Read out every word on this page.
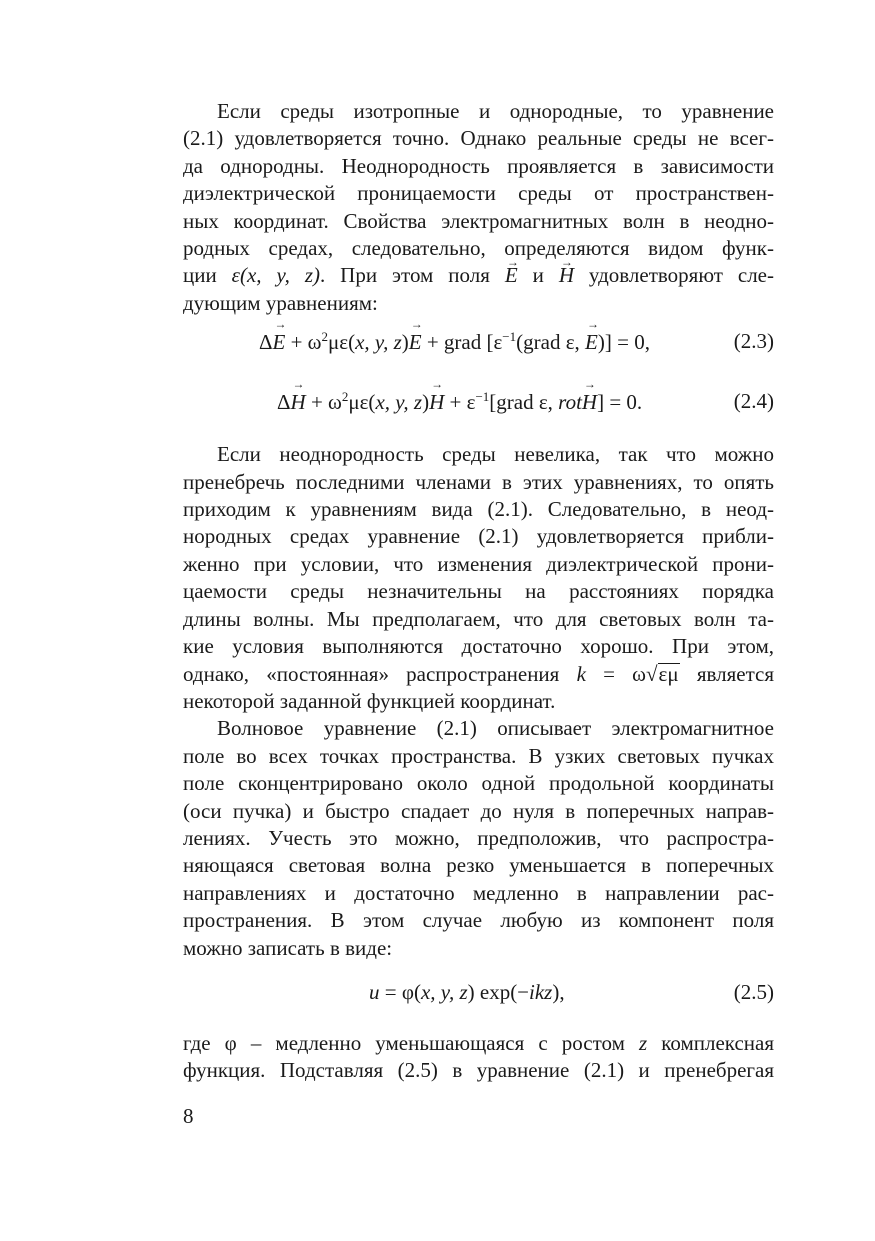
Если среды изотропные и однородные, то уравнение
(2.1) удовлетворяется точно. Однако реальные среды не всег-
да однородны. Неоднородность проявляется в зависимости
диэлектрической проницаемости среды от пространствен-
ных координат. Свойства электромагнитных волн в неодно-
родных средах, следовательно, определяются видом функ-
ции ε(x, y, z). При этом поля → E и → H удовлетворяют сле-
дующим уравнениям:

$\Delta\to E + \omega^2\mu\varepsilon(x$, y, z)→ E + grad [$\varepsilon^{-1}(grad$ ε, → E)] = 0,	(2.3)
$\Delta\to H + \omega^2\mu\varepsilon(x$, y, $z)\to H + \varepsilon^{-1}[grad$ ε, rot→ H] = 0.	(2.4)

Если неоднородность среды невелика, так что можно
пренебречь последними членами в этих уравнениях, то опять
приходим к уравнениям вида (2.1). Следовательно, в неод-
нородных средах уравнение (2.1) удовлетворяется прибли-
женно при условии, что изменения диэлектрической прони-
цаемости среды незначительны на расстояниях порядка
длины волны. Мы предполагаем, что для световых волн та-
кие условия выполняются достаточно хорошо. При этом,
однако, «постоянная» распространения k = ω√εμ является
некоторой заданной функцией координат.

Волновое уравнение (2.1) описывает электромагнитное
поле во всех точках пространства. В узких световых пучках
поле сконцентрировано около одной продольной координаты
(оси пучка) и быстро спадает до нуля в поперечных направ-
лениях. Учесть это можно, предположив, что распростра-
няющаяся световая волна резко уменьшается в поперечных
направлениях и достаточно медленно в направлении рас-
пространения. В этом случае любую из компонент поля
можно записать в виде:

u = φ(x, y, z) exp(−ikz),	(2.5)

где φ – медленно уменьшающаяся с ростом z комплексная
функция. Подставляя (2.5) в уравнение (2.1) и пренебрегая

8
